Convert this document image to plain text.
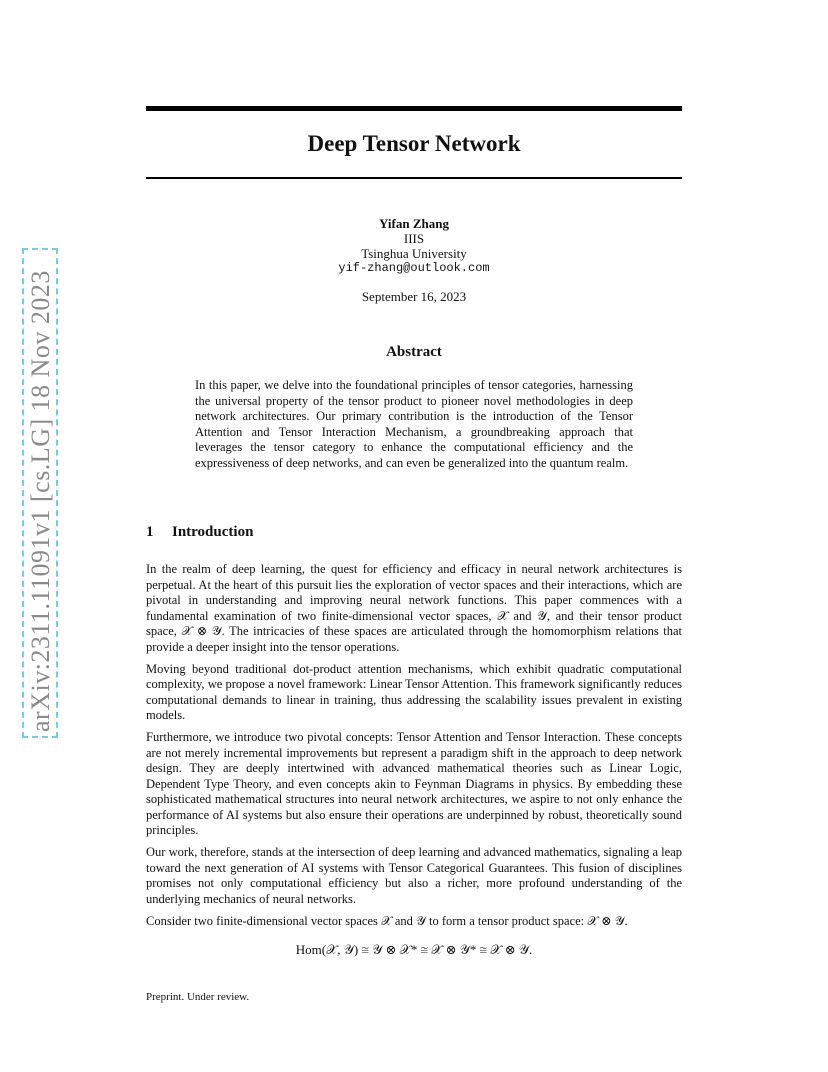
arXiv:2311.11091v1 [cs.LG] 18 Nov 2023
Deep Tensor Network
Yifan Zhang
IIIS
Tsinghua University
yif-zhang@outlook.com
September 16, 2023
Abstract
In this paper, we delve into the foundational principles of tensor categories, harnessing the universal property of the tensor product to pioneer novel methodologies in deep network architectures. Our primary contribution is the introduction of the Tensor Attention and Tensor Interaction Mechanism, a groundbreaking approach that leverages the tensor category to enhance the computational efficiency and the expressiveness of deep networks, and can even be generalized into the quantum realm.
1 Introduction

In the realm of deep learning, the quest for efficiency and efficacy in neural network architectures is perpetual. At the heart of this pursuit lies the exploration of vector spaces and their interactions, which are pivotal in understanding and improving neural network functions. This paper commences with a fundamental examination of two finite-dimensional vector spaces, 𝒳 and 𝒴, and their tensor product space, 𝒳 ⊗ 𝒴. The intricacies of these spaces are articulated through the homomorphism relations that provide a deeper insight into the tensor operations.

Moving beyond traditional dot-product attention mechanisms, which exhibit quadratic computational complexity, we propose a novel framework: Linear Tensor Attention. This framework significantly reduces computational demands to linear in training, thus addressing the scalability issues prevalent in existing models.

Furthermore, we introduce two pivotal concepts: Tensor Attention and Tensor Interaction. These concepts are not merely incremental improvements but represent a paradigm shift in the approach to deep network design. They are deeply intertwined with advanced mathematical theories such as Linear Logic, Dependent Type Theory, and even concepts akin to Feynman Diagrams in physics. By embedding these sophisticated mathematical structures into neural network architectures, we aspire to not only enhance the performance of AI systems but also ensure their operations are underpinned by robust, theoretically sound principles.

Our work, therefore, stands at the intersection of deep learning and advanced mathematics, signaling a leap toward the next generation of AI systems with Tensor Categorical Guarantees. This fusion of disciplines promises not only computational efficiency but also a richer, more profound understanding of the underlying mechanics of neural networks.

Consider two finite-dimensional vector spaces 𝒳 and 𝒴 to form a tensor product space: 𝒳 ⊗ 𝒴.

Hom(𝒳, 𝒴) ≅ 𝒴 ⊗ 𝒳* ≅ 𝒳 ⊗ 𝒴* ≅ 𝒳 ⊗ 𝒴.
Preprint. Under review.
